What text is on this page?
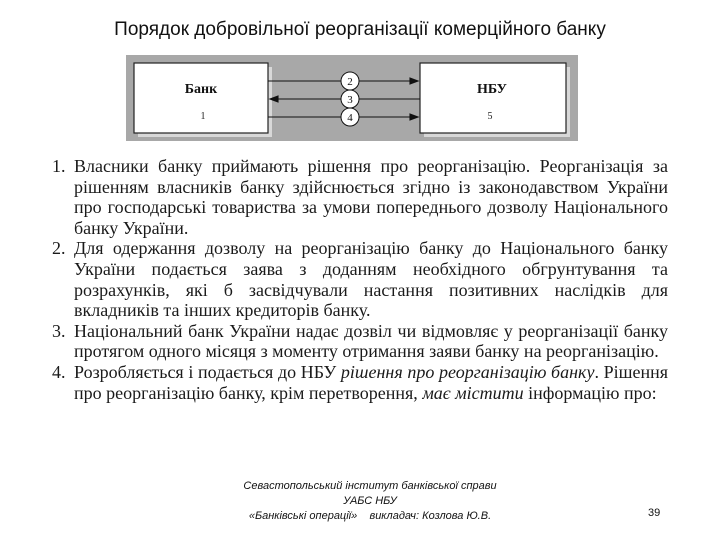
Порядок добровільної реорганізації комерційного банку
Банк
1
НБУ
5
2
3
4
1. Власники банку приймають рішення про реорганізацію. Реорганізація за рішенням власників банку здійснюється згідно із законодавством України про господарські товариства за умови попереднього дозволу Національного банку України.
2. Для одержання дозволу на реорганізацію банку до Національного банку України подається заява з доданням необхідного обгрунтування та розрахунків, які б засвідчували настання позитивних наслідків для вкладників та інших кредиторів банку.
3. Національний банк України надає дозвіл чи відмовляє у реорганізації банку протягом одного місяця з моменту отримання заяви банку на реорганізацію.
4. Розробляється і подається до НБУ рішення про реорганізацію банку. Рішення про реорганізацію банку, крім перетворення, має містити інформацію про:
Севастопольський інститут банківської справи
УАБС НБУ
«Банківські операції»    викладач: Козлова Ю.В.	39
